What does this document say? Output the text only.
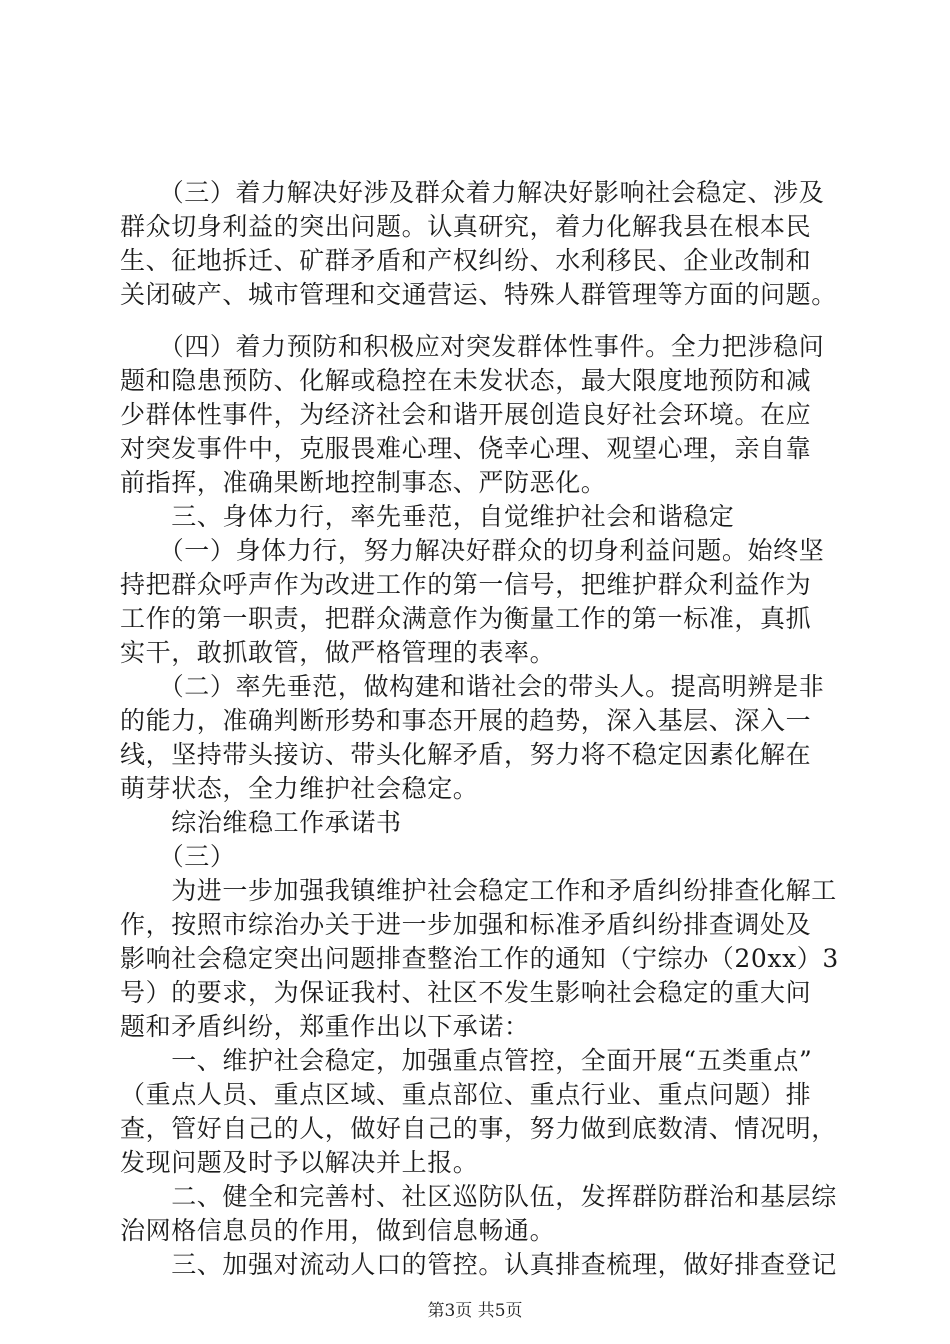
　　（三）着力解决好涉及群众着力解决好影响社会稳定、涉及
群众切身利益的突出问题。认真研究，着力化解我县在根本民
生、征地拆迁、矿群矛盾和产权纠纷、水利移民、企业改制和
关闭破产、城市管理和交通营运、特殊人群管理等方面的问题。
　　（四）着力预防和积极应对突发群体性事件。全力把涉稳问
题和隐患预防、化解或稳控在未发状态，最大限度地预防和减
少群体性事件，为经济社会和谐开展创造良好社会环境。在应
对突发事件中，克服畏难心理、侥幸心理、观望心理，亲自靠
前指挥，准确果断地控制事态、严防恶化。
　　三、身体力行，率先垂范，自觉维护社会和谐稳定
　　（一）身体力行，努力解决好群众的切身利益问题。始终坚
持把群众呼声作为改进工作的第一信号，把维护群众利益作为
工作的第一职责，把群众满意作为衡量工作的第一标准，真抓
实干，敢抓敢管，做严格管理的表率。
　　（二）率先垂范，做构建和谐社会的带头人。提高明辨是非
的能力，准确判断形势和事态开展的趋势，深入基层、深入一
线，坚持带头接访、带头化解矛盾，努力将不稳定因素化解在
萌芽状态，全力维护社会稳定。
　　综治维稳工作承诺书
　　（三）
　　为进一步加强我镇维护社会稳定工作和矛盾纠纷排查化解工
作，按照市综治办关于进一步加强和标准矛盾纠纷排查调处及
影响社会稳定突出问题排查整治工作的通知（宁综办（20xx）3
号）的要求，为保证我村、社区不发生影响社会稳定的重大问
题和矛盾纠纷，郑重作出以下承诺：
　　一、维护社会稳定，加强重点管控，全面开展“五类重点”
（重点人员、重点区域、重点部位、重点行业、重点问题）排
查，管好自己的人，做好自己的事，努力做到底数清、情况明，
发现问题及时予以解决并上报。
　　二、健全和完善村、社区巡防队伍，发挥群防群治和基层综
治网格信息员的作用，做到信息畅通。
　　三、加强对流动人口的管控。认真排查梳理，做好排查登记
第3页 共5页
